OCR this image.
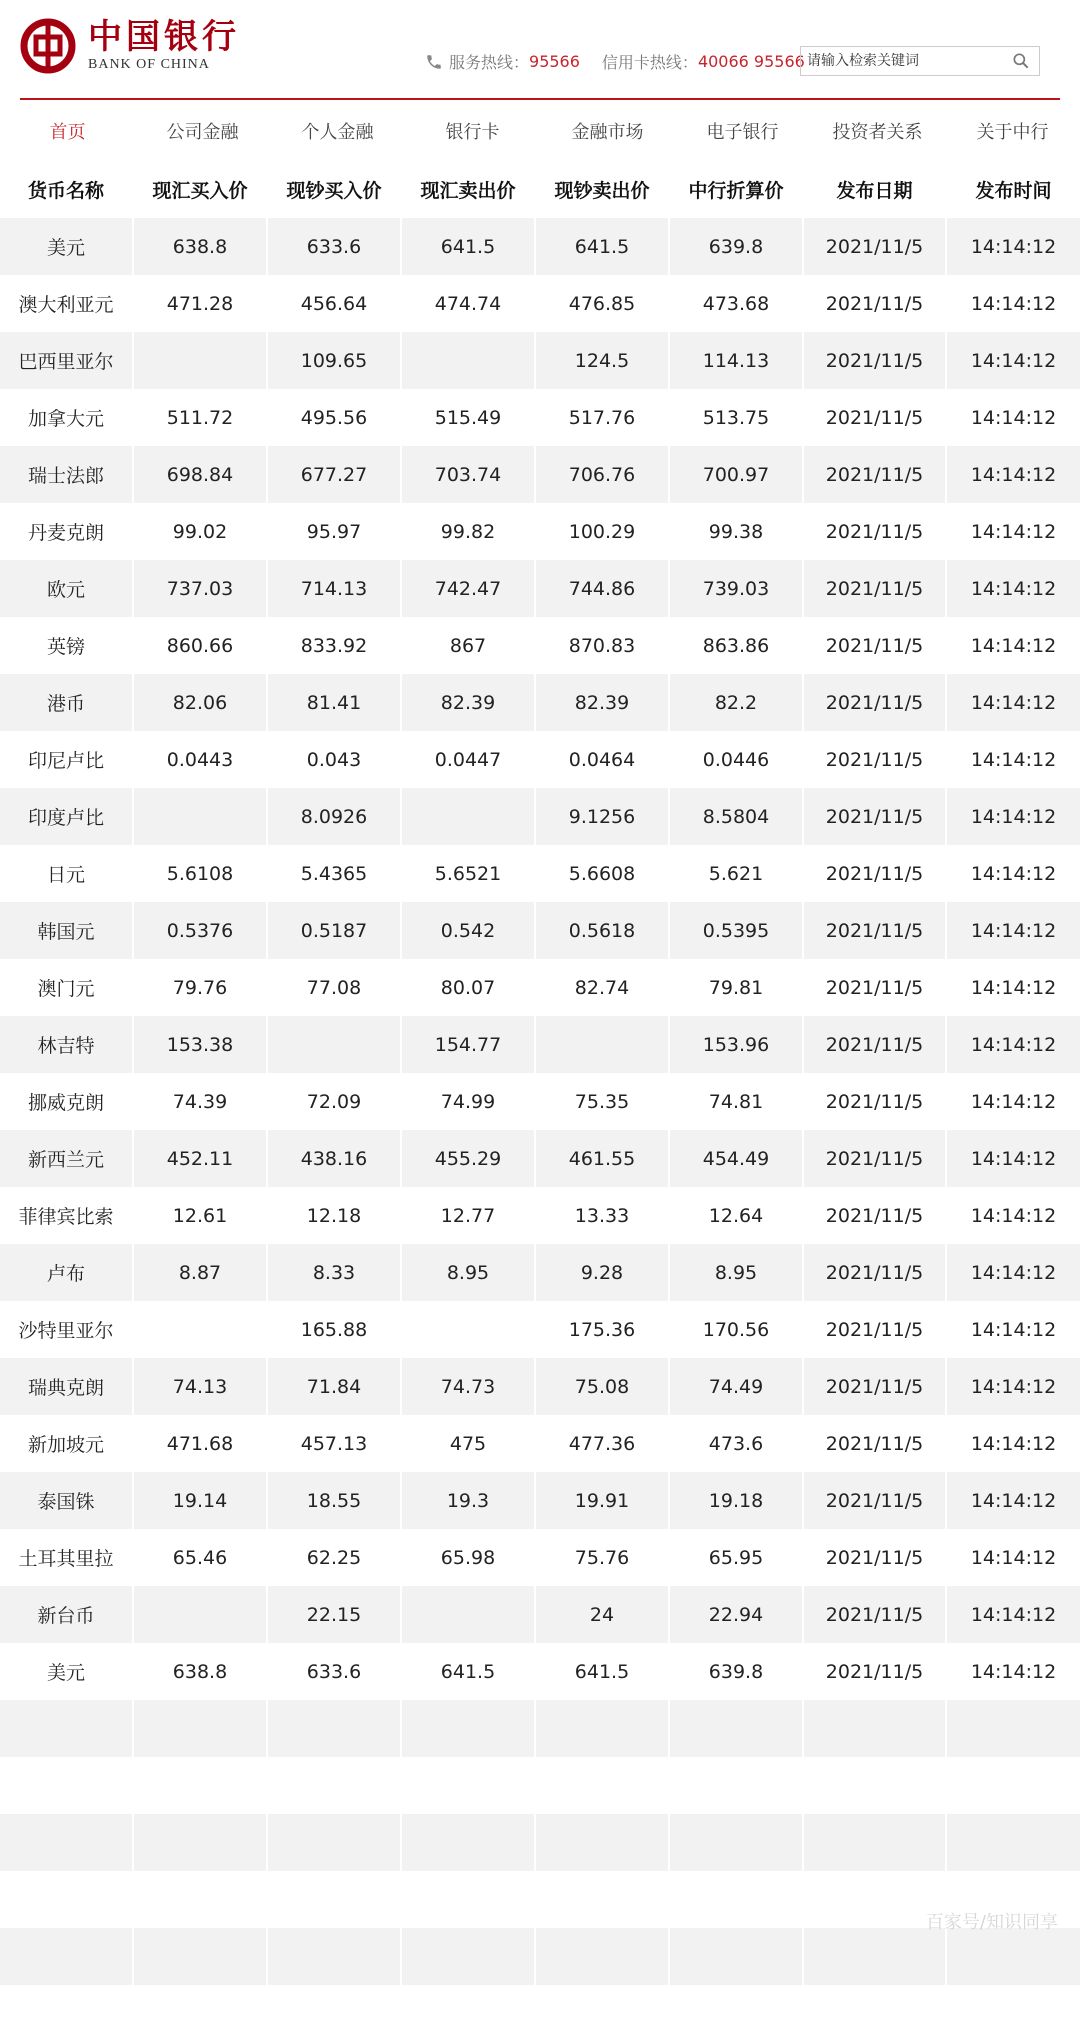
中国银行
BANK OF CHINA	服务热线： 95566 信用卡热线： 40066 95566
请输入检索关键词
首页	公司金融	个人金融	银行卡	金融市场	电子银行	投资者关系	关于中行
货币名称	现汇买入价	现钞买入价	现汇卖出价	现钞卖出价	中行折算价	发布日期	发布时间
美元	638.8	633.6	641.5	641.5	639.8	2021/11/5	14:14:12
澳大利亚元	471.28	456.64	474.74	476.85	473.68	2021/11/5	14:14:12
巴西里亚尔		109.65		124.5	114.13	2021/11/5	14:14:12
加拿大元	511.72	495.56	515.49	517.76	513.75	2021/11/5	14:14:12
瑞士法郎	698.84	677.27	703.74	706.76	700.97	2021/11/5	14:14:12
丹麦克朗	99.02	95.97	99.82	100.29	99.38	2021/11/5	14:14:12
欧元	737.03	714.13	742.47	744.86	739.03	2021/11/5	14:14:12
英镑	860.66	833.92	867	870.83	863.86	2021/11/5	14:14:12
港币	82.06	81.41	82.39	82.39	82.2	2021/11/5	14:14:12
印尼卢比	0.0443	0.043	0.0447	0.0464	0.0446	2021/11/5	14:14:12
印度卢比		8.0926		9.1256	8.5804	2021/11/5	14:14:12
日元	5.6108	5.4365	5.6521	5.6608	5.621	2021/11/5	14:14:12
韩国元	0.5376	0.5187	0.542	0.5618	0.5395	2021/11/5	14:14:12
澳门元	79.76	77.08	80.07	82.74	79.81	2021/11/5	14:14:12
林吉特	153.38		154.77		153.96	2021/11/5	14:14:12
挪威克朗	74.39	72.09	74.99	75.35	74.81	2021/11/5	14:14:12
新西兰元	452.11	438.16	455.29	461.55	454.49	2021/11/5	14:14:12
菲律宾比索	12.61	12.18	12.77	13.33	12.64	2021/11/5	14:14:12
卢布	8.87	8.33	8.95	9.28	8.95	2021/11/5	14:14:12
沙特里亚尔		165.88		175.36	170.56	2021/11/5	14:14:12
瑞典克朗	74.13	71.84	74.73	75.08	74.49	2021/11/5	14:14:12
新加坡元	471.68	457.13	475	477.36	473.6	2021/11/5	14:14:12
泰国铢	19.14	18.55	19.3	19.91	19.18	2021/11/5	14:14:12
土耳其里拉	65.46	62.25	65.98	75.76	65.95	2021/11/5	14:14:12
新台币		22.15		24	22.94	2021/11/5	14:14:12
美元	638.8	633.6	641.5	641.5	639.8	2021/11/5	14:14:12

百家号/知识同享
